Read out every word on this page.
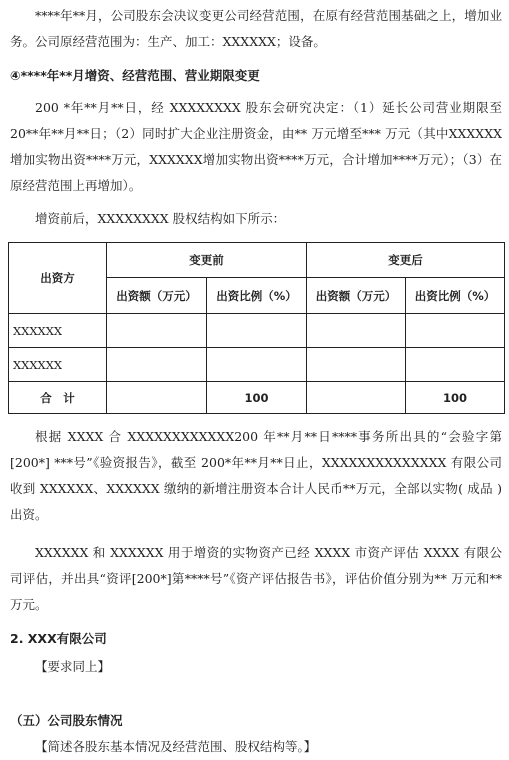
****年**月，公司股东会决议变更公司经营范围，在原有经营范围基础之上，增加业务。公司原经营范围为：生产、加工：XXXXXX；设备。

④****年**月增资、经营范围、营业期限变更

200 *年**月**日，经 XXXXXXXX 股东会研究决定：（1）延长公司营业期限至20**年**月**日；（2）同时扩大企业注册资金，由** 万元增至*** 万元（其中XXXXXX增加实物出资****万元，XXXXXX增加实物出资****万元，合计增加****万元）；（3）在原经营范围上再增加）。

增资前后，XXXXXXXX 股权结构如下所示：

出资方	变更前		变更后	
	出资额（万元）	出资比例（%）	出资额（万元）	出资比例（%）
XXXXXX				
XXXXXX				
合　计		100		100

根据 XXXX 合 XXXXXXXXXXXX200 年**月**日****事务所出具的“会验字第[200*] ***号”《验资报告》，截至 200*年**月**日止，XXXXXXXXXXXXXX 有限公司收到 XXXXXX、XXXXXX 缴纳的新增注册资本合计人民币**万元，全部以实物( 成品 )出资。

XXXXXX 和 XXXXXX 用于增资的实物资产已经 XXXX 市资产评估 XXXX 有限公司评估，并出具“资评[200*]第****号”《资产评估报告书》，评估价值分别为** 万元和**万元。

2. XXX有限公司

【要求同上】

（五）公司股东情况

【简述各股东基本情况及经营范围、股权结构等。】
